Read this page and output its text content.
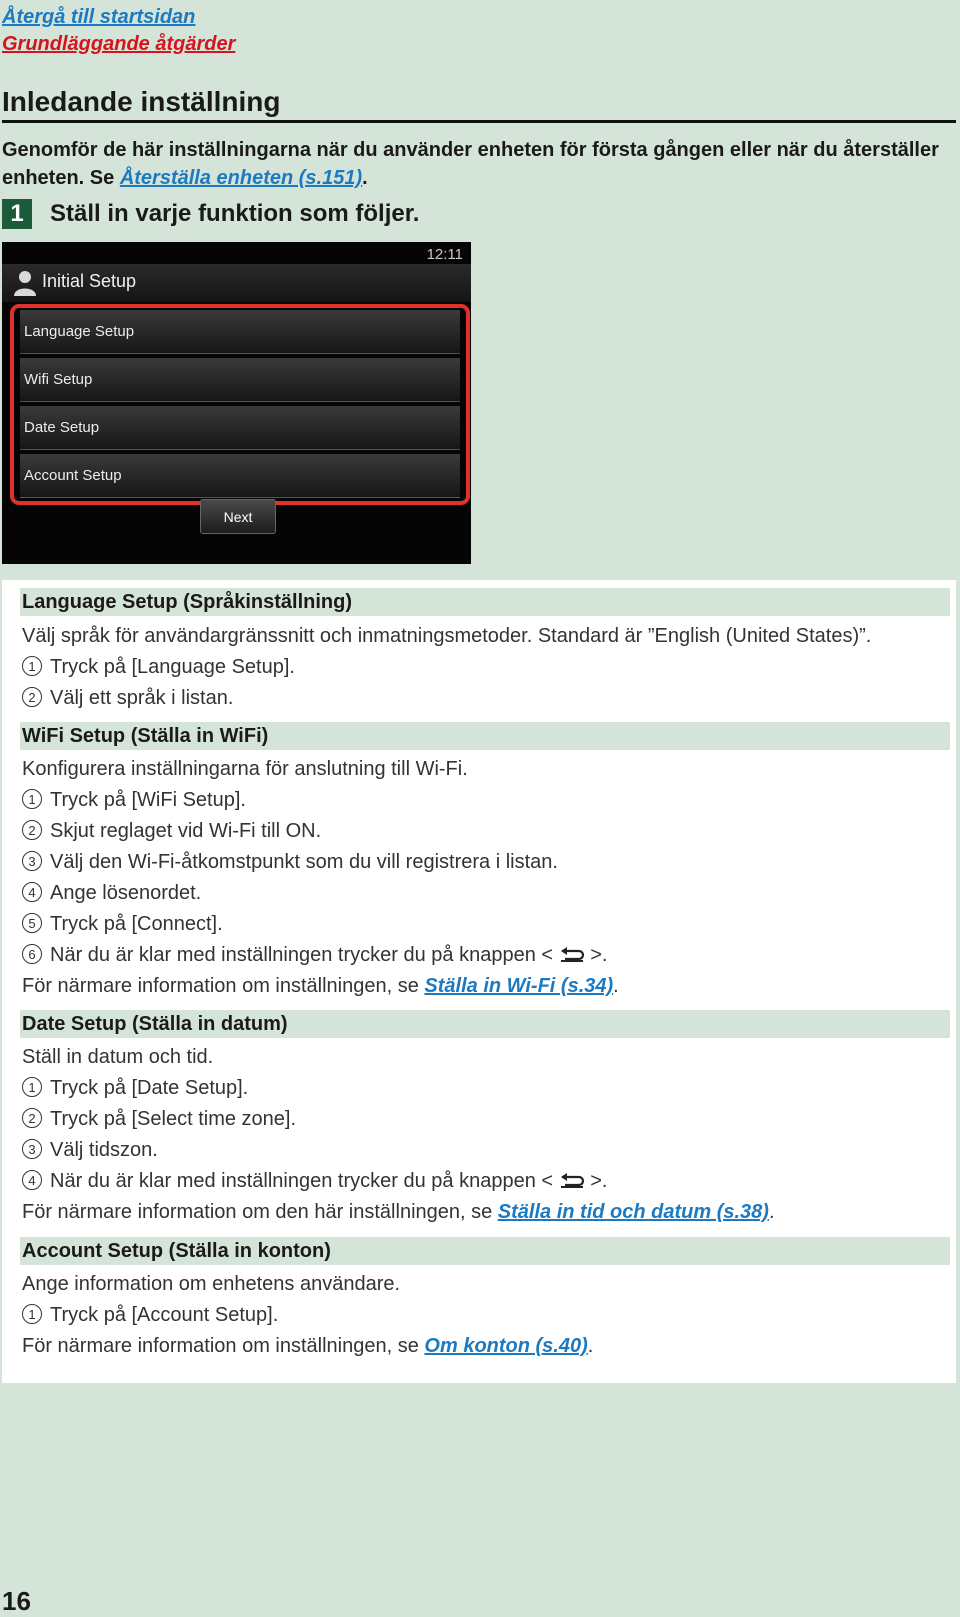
Återgå till startsidan
Grundläggande åtgärder
Inledande inställning

Genomför de här inställningarna när du använder enheten för första gången eller när du återställer enheten. Se Återställa enheten (s.151).

1	Ställ in varje funktion som följer.
12:11
Initial Setup
Language Setup
Wifi Setup
Date Setup
Account Setup
Next
Language Setup (Språkinställning)
Välj språk för användargränssnitt och inmatningsmetoder. Standard är ”English (United States)”.
1 Tryck på [Language Setup].
2 Välj ett språk i listan.
WiFi Setup (Ställa in WiFi)
Konfigurera inställningarna för anslutning till Wi-Fi.
1 Tryck på [WiFi Setup].
2 Skjut reglaget vid Wi-Fi till ON.
3 Välj den Wi-Fi-åtkomstpunkt som du vill registrera i listan.
4 Ange lösenordet.
5 Tryck på [Connect].
6 När du är klar med inställningen trycker du på knappen < >.
För närmare information om inställningen, se Ställa in Wi-Fi (s.34).
Date Setup (Ställa in datum)
Ställ in datum och tid.
1 Tryck på [Date Setup].
2 Tryck på [Select time zone].
3 Välj tidszon.
4 När du är klar med inställningen trycker du på knappen < >.
För närmare information om den här inställningen, se Ställa in tid och datum (s.38).
Account Setup (Ställa in konton)
Ange information om enhetens användare.
1 Tryck på [Account Setup].
För närmare information om inställningen, se Om konton (s.40).
16
